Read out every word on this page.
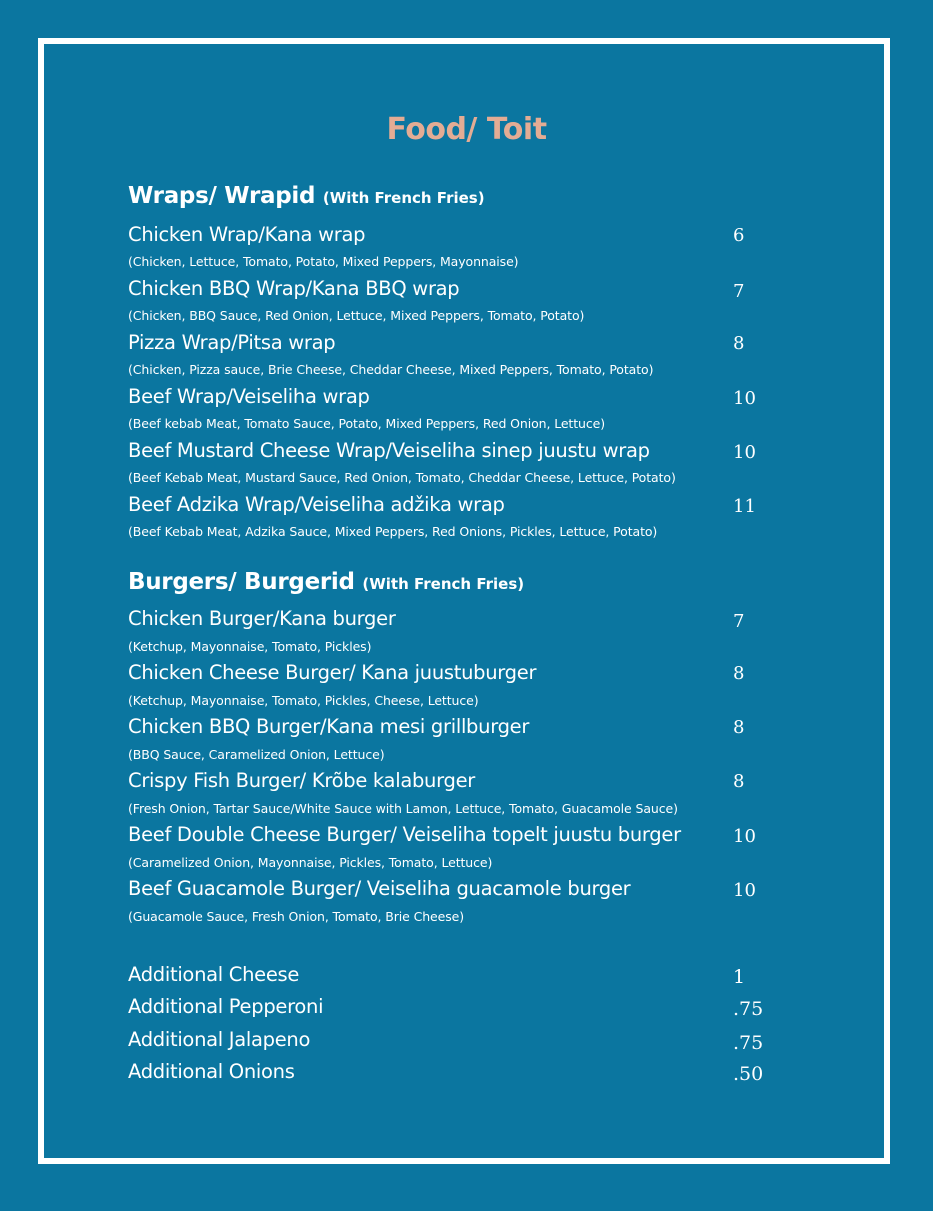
Food/ Toit
Wraps/ Wrapid (With French Fries)
Chicken Wrap/Kana wrap	6
(Chicken, Lettuce, Tomato, Potato, Mixed Peppers, Mayonnaise)
Chicken BBQ Wrap/Kana BBQ wrap	7
(Chicken, BBQ Sauce, Red Onion, Lettuce, Mixed Peppers, Tomato, Potato)
Pizza Wrap/Pitsa wrap	8
(Chicken, Pizza sauce, Brie Cheese, Cheddar Cheese, Mixed Peppers, Tomato, Potato)
Beef Wrap/Veiseliha wrap	10
(Beef kebab Meat, Tomato Sauce, Potato, Mixed Peppers, Red Onion, Lettuce)
Beef Mustard Cheese Wrap/Veiseliha sinep juustu wrap	10
(Beef Kebab Meat, Mustard Sauce, Red Onion, Tomato, Cheddar Cheese, Lettuce, Potato)
Beef Adzika Wrap/Veiseliha adžika wrap	11
(Beef Kebab Meat, Adzika Sauce, Mixed Peppers, Red Onions, Pickles, Lettuce, Potato)
Burgers/ Burgerid (With French Fries)
Chicken Burger/Kana burger	7
(Ketchup, Mayonnaise, Tomato, Pickles)
Chicken Cheese Burger/ Kana juustuburger	8
(Ketchup, Mayonnaise, Tomato, Pickles, Cheese, Lettuce)
Chicken BBQ Burger/Kana mesi grillburger	8
(BBQ Sauce, Caramelized Onion, Lettuce)
Crispy Fish Burger/ Krõbe kalaburger	8
(Fresh Onion, Tartar Sauce/White Sauce with Lamon, Lettuce, Tomato, Guacamole Sauce)
Beef Double Cheese Burger/ Veiseliha topelt juustu burger	10
(Caramelized Onion, Mayonnaise, Pickles, Tomato, Lettuce)
Beef Guacamole Burger/ Veiseliha guacamole burger	10
(Guacamole Sauce, Fresh Onion, Tomato, Brie Cheese)
Additional Cheese	1
Additional Pepperoni	.75
Additional Jalapeno	.75
Additional Onions	.50
